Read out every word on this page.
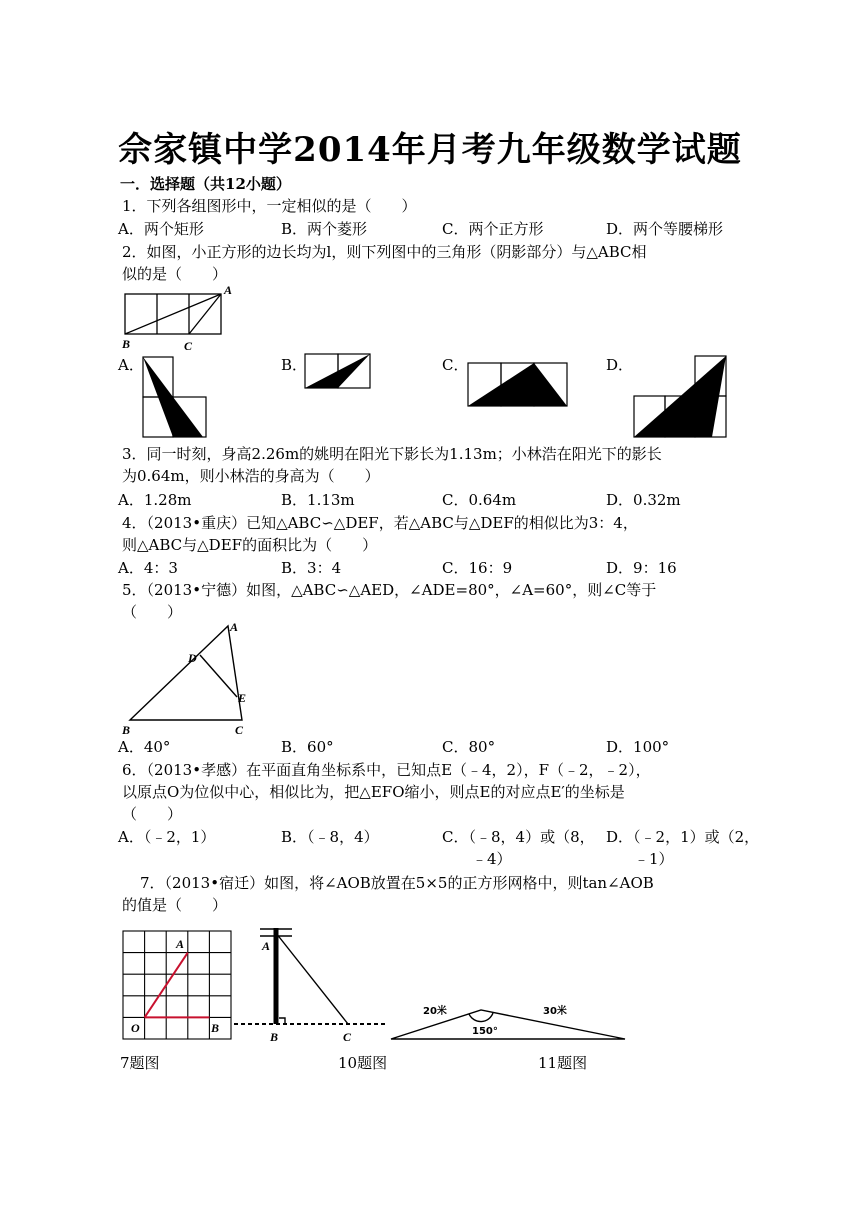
佘家镇中学2014年月考九年级数学试题
一．选择题（共12小题）
1．下列各组图形中，一定相似的是（　　）
A．两个矩形	B．两个菱形	C．两个正方形	D．两个等腰梯形
2．如图，小正方形的边长均为l，则下列图中的三角形（阴影部分）与△ABC相
似的是（　　）
A
B	C
A．	B．	C．	D．
3．同一时刻，身高2.26m的姚明在阳光下影长为1.13m；小林浩在阳光下的影长
为0.64m，则小林浩的身高为（　　）
A．1.28m	B．1.13m	C．0.64m	D．0.32m
4．（2013•重庆）已知△ABC∽△DEF，若△ABC与△DEF的相似比为3：4，
则△ABC与△DEF的面积比为（　　）
A．4：3	B．3：4	C．16：9	D．9：16
5．（2013•宁德）如图，△ABC∽△AED，∠ADE=80°，∠A=60°，则∠C等于
（　　）
A
D
E
B	C
A．40°	B．60°	C．80°	D．100°
6．（2013•孝感）在平面直角坐标系中，已知点E（﹣4，2），F（﹣2，﹣2），
以原点O为位似中心，相似比为，把△EFO缩小，则点E的对应点E′的坐标是
（　　）
A．（﹣2，1）	B．（﹣8，4）	C．（﹣8，4）或（8， D．（﹣2，1）或（2，
﹣4）	﹣1）
7．（2013•宿迁）如图，将∠AOB放置在5×5的正方形网格中，则tan∠AOB
的值是（　　）
A
O	B
A
B	C
20米	30米
150°
7题图	10题图	11题图
